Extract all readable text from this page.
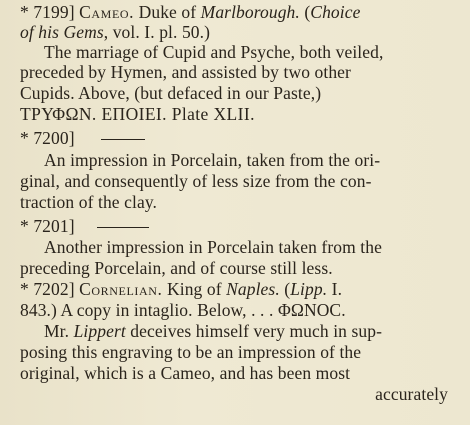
* 7199] Cameo. Duke of Marlborough. (Choice
of his Gems, vol. I. pl. 50.)
The marriage of Cupid and Psyche, both veiled,
preceded by Hymen, and assisted by two other
Cupids. Above, (but defaced in our Paste,)
ΤΡΥΦΩΝ. ΕΠΟΙΕΙ. Plate XLII.
* 7200]
An impression in Porcelain, taken from the ori-
ginal, and consequently of less size from the con-
traction of the clay.
* 7201]
Another impression in Porcelain taken from the
preceding Porcelain, and of course still less.
* 7202] Cornelian. King of Naples. (Lipp. I.
843.) A copy in intaglio. Below, . . . ΦΩΝΟC.
Mr. Lippert deceives himself very much in sup-
posing this engraving to be an impression of the
original, which is a Cameo, and has been most
accurately
